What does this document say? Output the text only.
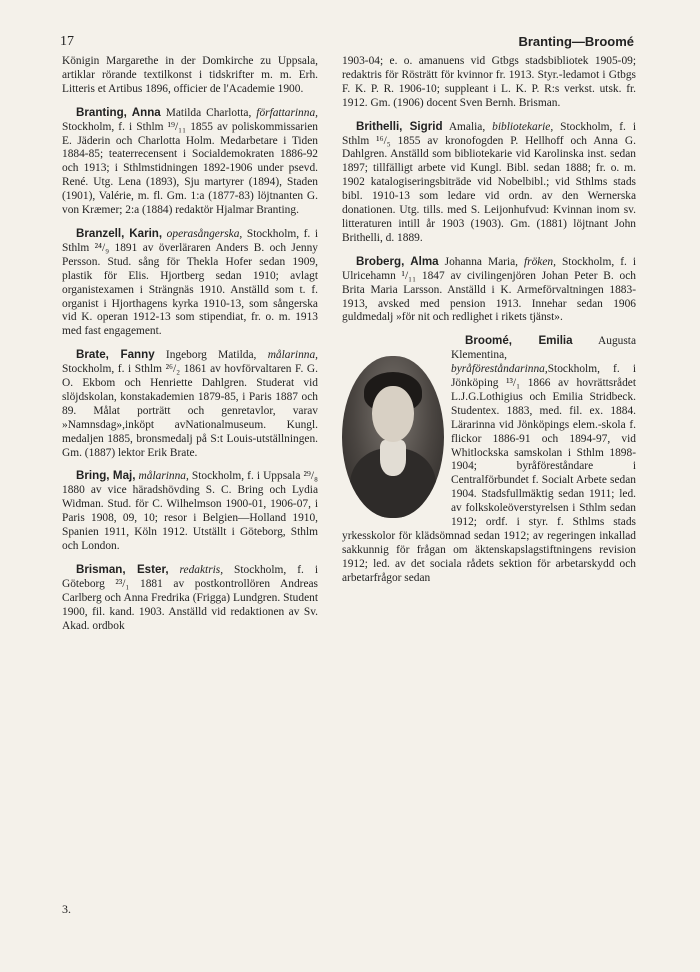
17	Branting—Broomé

Königin Margarethe in der Domkirche zu Uppsala, artiklar rörande textilkonst i tidskrifter m. m. Erh. Litteris et Artibus 1896, officier de l'Academie 1900.

Branting, Anna Matilda Charlotta, författarinna, Stockholm, f. i Sthlm ¹⁹/₁₁ 1855 av poliskommissarien E. Jäderin och Charlotta Holm. Medarbetare i Tiden 1884-85; teaterrecensent i Socialdemokraten 1886-92 och 1913; i Sthlmstidningen 1892-1906 under psevd. René. Utg. Lena (1893), Sju martyrer (1894), Staden (1901), Valérie, m. fl. Gm. 1:a (1877-83) löjtnanten G. von Kræmer; 2:a (1884) redaktör Hjalmar Branting.

Branzell, Karin, operasångerska, Stockholm, f. i Sthlm ²⁴/₉ 1891 av överläraren Anders B. och Jenny Persson. Stud. sång för Thekla Hofer sedan 1909, plastik för Elis. Hjortberg sedan 1910; avlagt organistexamen i Strängnäs 1910. Anställd som t. f. organist i Hjorthagens kyrka 1910-13, som sångerska vid K. operan 1912-13 som stipendiat, fr. o. m. 1913 med fast engagement.

Brate, Fanny Ingeborg Matilda, målarinna, Stockholm, f. i Sthlm ²⁶/₂ 1861 av hovförvaltaren F. G. O. Ekbom och Henriette Dahlgren. Studerat vid slöjdskolan, konstakademien 1879-85, i Paris 1887 och 89. Målat porträtt och genretavlor, varav »Namnsdag»,inköpt avNationalmuseum. Kungl. medaljen 1885, bronsmedalj på S:t Louis-utställningen. Gm. (1887) lektor Erik Brate.

Bring, Maj, målarinna, Stockholm, f. i Uppsala ²⁹/₈ 1880 av vice häradshövding S. C. Bring och Lydia Widman. Stud. för C. Wilhelmson 1900-01, 1906-07, i Paris 1908, 09, 10; resor i Belgien—Holland 1910, Spanien 1911, Köln 1912. Utställt i Göteborg, Sthlm och London.

Brisman, Ester, redaktris, Stockholm, f. i Göteborg ²³/₁ 1881 av postkontrollören Andreas Carlberg och Anna Fredrika (Frigga) Lundgren. Student 1900, fil. kand. 1903. Anställd vid redaktionen av Sv. Akad. ordbok

1903-04; e. o. amanuens vid Gtbgs stadsbibliotek 1905-09; redaktris för Rösträtt för kvinnor fr. 1913. Styr.-ledamot i Gtbgs F. K. P. R. 1906-10; suppleant i L. K. P. R:s verkst. utsk. fr. 1912. Gm. (1906) docent Sven Bernh. Brisman.

Brithelli, Sigrid Amalia, bibliotekarie, Stockholm, f. i Sthlm ¹⁶/₅ 1855 av kronofogden P. Hellhoff och Anna G. Dahlgren. Anställd som bibliotekarie vid Karolinska inst. sedan 1897; tillfälligt arbete vid Kungl. Bibl. sedan 1888; fr. o. m. 1902 katalogiseringsbiträde vid Nobelbibl.; vid Sthlms stads bibl. 1910-13 som ledare vid ordn. av den Wernerska donationen. Utg. tills. med S. Leijonhufvud: Kvinnan inom sv. litteraturen intill år 1903 (1903). Gm. (1881) löjtnant John Brithelli, d. 1889.

Broberg, Alma Johanna Maria, fröken, Stockholm, f. i Ulricehamn ¹/₁₁ 1847 av civilingenjören Johan Peter B. och Brita Maria Larsson. Anställd i K. Armeförvaltningen 1883-1913, avsked med pension 1913. Innehar sedan 1906 guldmedalj »för nit och redlighet i rikets tjänst».

Broomé, Emilia Augusta Klementina, byråföreståndarinna,Stockholm, f. i Jönköping ¹³/₁ 1866 av hovrättsrådet L.J.G.Lothigius och Emilia Stridbeck. Studentex. 1883, med. fil. ex. 1884. Lärarinna vid Jönköpings elem.-skola f. flickor 1886-91 och 1894-97, vid Whitlockska samskolan i Sthlm 1898-1904; byråföreståndare i Centralförbundet f. Socialt Arbete sedan 1904. Stadsfullmäktig sedan 1911; led. av folkskoleöverstyrelsen i Sthlm sedan 1912; ordf. i styr. f. Sthlms stads yrkesskolor för klädsömnad sedan 1912; av regeringen inkallad sakkunnig för frågan om äktenskapslagstiftningens revision 1912; led. av det sociala rådets sektion för arbetarskydd och arbetarfrågor sedan

3.
